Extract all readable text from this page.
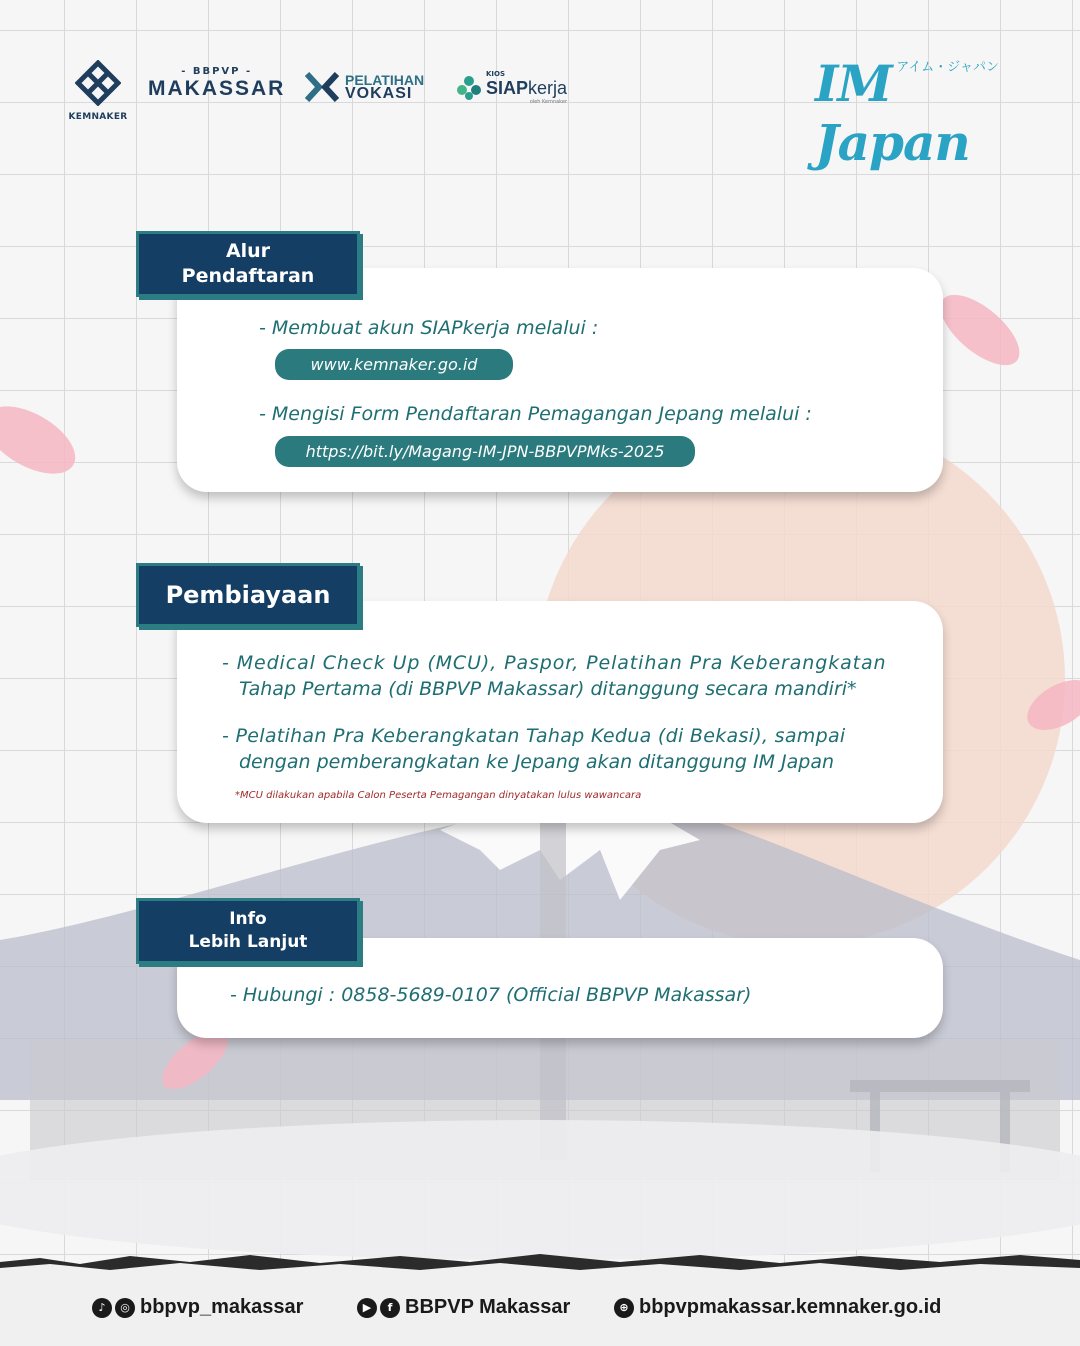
KEMNAKER
- BBPVP -
MAKASSAR	PELATIHAN
VOKASI
KIOS
SIAPkerja
oleh Kemnaker
アイム・ジャパン
IM Japan
Alur
Pendaftaran
- Membuat akun SIAPkerja melalui :
www.kemnaker.go.id
- Mengisi Form Pendaftaran Pemagangan Jepang melalui :
https://bit.ly/Magang-IM-JPN-BBPVPMks-2025
Pembiayaan
- Medical Check Up (MCU), Paspor, Pelatihan Pra Keberangkatan
Tahap Pertama (di BBPVP Makassar) ditanggung secara mandiri*
- Pelatihan Pra Keberangkatan Tahap Kedua (di Bekasi), sampai
dengan pemberangkatan ke Jepang akan ditanggung IM Japan
*MCU dilakukan apabila Calon Peserta Pemagangan dinyatakan lulus wawancara
Info
Lebih Lanjut
- Hubungi : 0858-5689-0107 (Official BBPVP Makassar)
♪	◎ bbpvp_makassar	▶	f BBPVP Makassar	⊕ bbpvpmakassar.kemnaker.go.id
